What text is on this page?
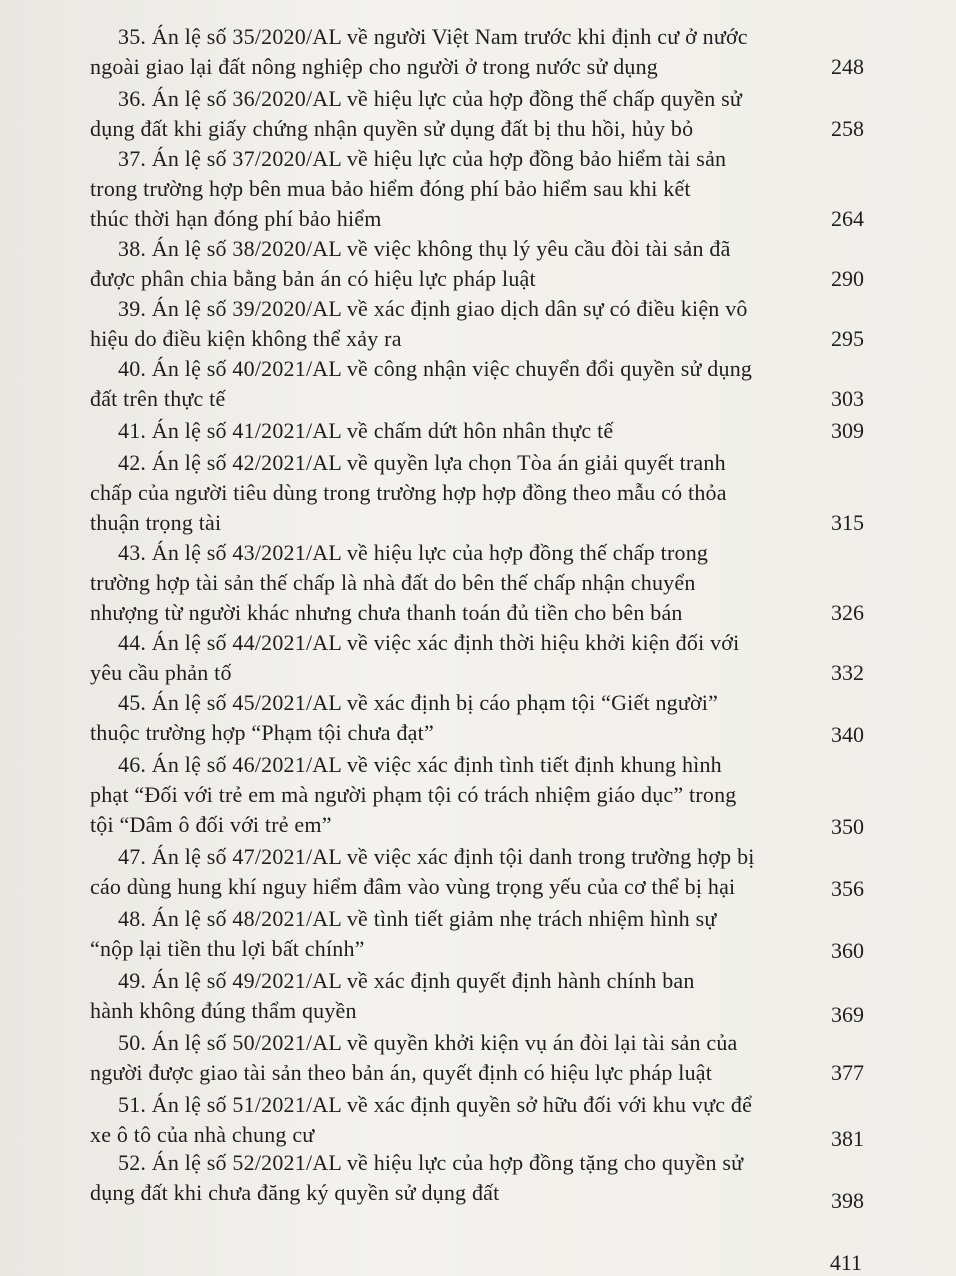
35. Án lệ số 35/2020/AL về người Việt Nam trước khi định cư ở nước
ngoài giao lại đất nông nghiệp cho người ở trong nước sử dụng	248
36. Án lệ số 36/2020/AL về hiệu lực của hợp đồng thế chấp quyền sử
dụng đất khi giấy chứng nhận quyền sử dụng đất bị thu hồi, hủy bỏ	258
37. Án lệ số 37/2020/AL về hiệu lực của hợp đồng bảo hiểm tài sản
trong trường hợp bên mua bảo hiểm đóng phí bảo hiểm sau khi kết
thúc thời hạn đóng phí bảo hiểm	264
38. Án lệ số 38/2020/AL về việc không thụ lý yêu cầu đòi tài sản đã
được phân chia bằng bản án có hiệu lực pháp luật	290
39. Án lệ số 39/2020/AL về xác định giao dịch dân sự có điều kiện vô
hiệu do điều kiện không thể xảy ra	295
40. Án lệ số 40/2021/AL về công nhận việc chuyển đổi quyền sử dụng
đất trên thực tế	303
41. Án lệ số 41/2021/AL về chấm dứt hôn nhân thực tế	309
42. Án lệ số 42/2021/AL về quyền lựa chọn Tòa án giải quyết tranh
chấp của người tiêu dùng trong trường hợp hợp đồng theo mẫu có thỏa
thuận trọng tài	315
43. Án lệ số 43/2021/AL về hiệu lực của hợp đồng thế chấp trong
trường hợp tài sản thế chấp là nhà đất do bên thế chấp nhận chuyển
nhượng từ người khác nhưng chưa thanh toán đủ tiền cho bên bán	326
44. Án lệ số 44/2021/AL về việc xác định thời hiệu khởi kiện đối với
yêu cầu phản tố	332
45. Án lệ số 45/2021/AL về xác định bị cáo phạm tội “Giết người”
thuộc trường hợp “Phạm tội chưa đạt”	340
46. Án lệ số 46/2021/AL về việc xác định tình tiết định khung hình
phạt “Đối với trẻ em mà người phạm tội có trách nhiệm giáo dục” trong
tội “Dâm ô đối với trẻ em”	350
47. Án lệ số 47/2021/AL về việc xác định tội danh trong trường hợp bị
cáo dùng hung khí nguy hiểm đâm vào vùng trọng yếu của cơ thể bị hại	356
48. Án lệ số 48/2021/AL về tình tiết giảm nhẹ trách nhiệm hình sự
“nộp lại tiền thu lợi bất chính”	360
49. Án lệ số 49/2021/AL về xác định quyết định hành chính ban
hành không đúng thẩm quyền	369
50. Án lệ số 50/2021/AL về quyền khởi kiện vụ án đòi lại tài sản của
người được giao tài sản theo bản án, quyết định có hiệu lực pháp luật	377
51. Án lệ số 51/2021/AL về xác định quyền sở hữu đối với khu vực để
xe ô tô của nhà chung cư	381
52. Án lệ số 52/2021/AL về hiệu lực của hợp đồng tặng cho quyền sử
dụng đất khi chưa đăng ký quyền sử dụng đất	398
411
